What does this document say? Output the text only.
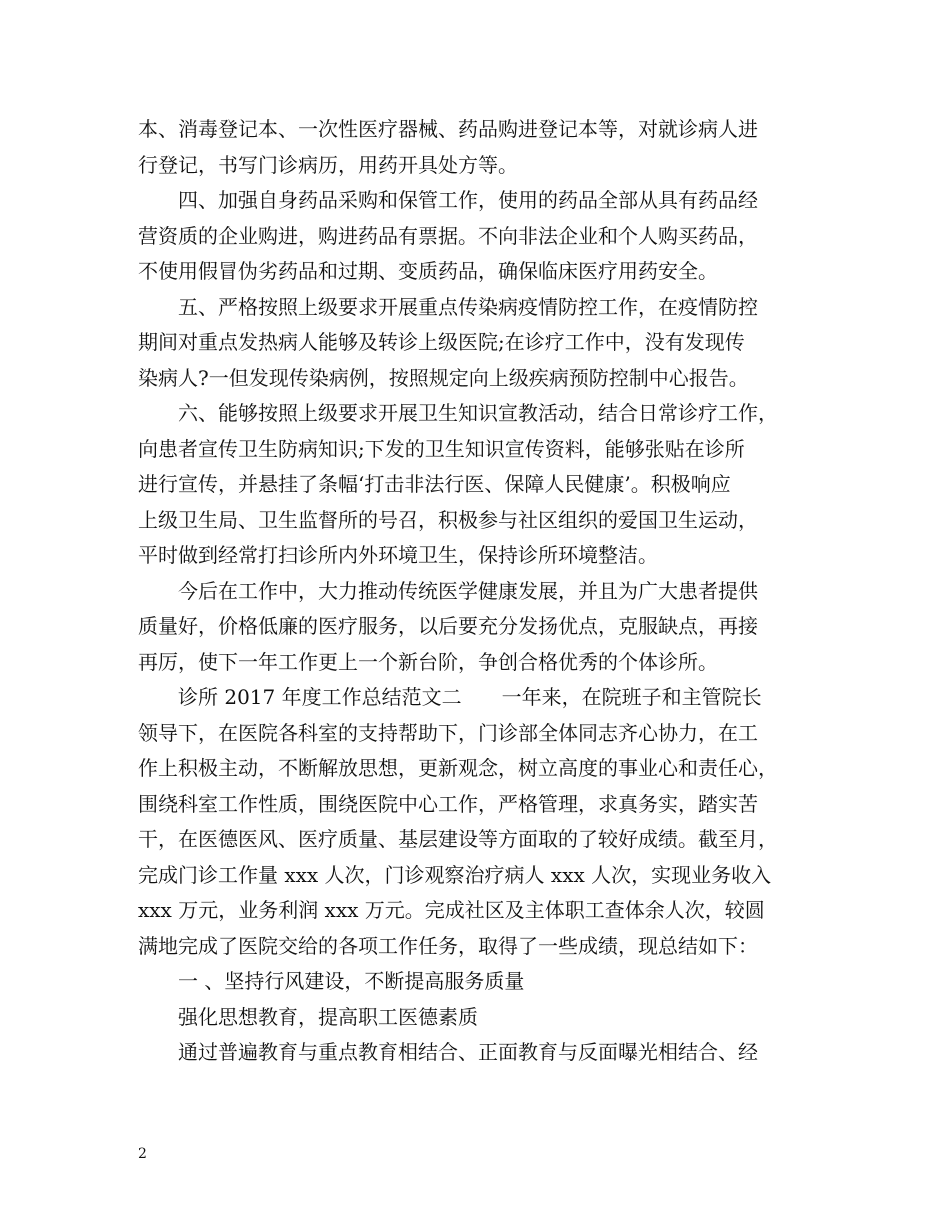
本、消毒登记本、一次性医疗器械、药品购进登记本等，对就诊病人进
行登记，书写门诊病历，用药开具处方等。
四、加强自身药品采购和保管工作，使用的药品全部从具有药品经
营资质的企业购进，购进药品有票据。不向非法企业和个人购买药品，
不使用假冒伪劣药品和过期、变质药品，确保临床医疗用药安全。
五、严格按照上级要求开展重点传染病疫情防控工作，在疫情防控
期间对重点发热病人能够及转诊上级医院;在诊疗工作中，没有发现传
染病人?一但发现传染病例，按照规定向上级疾病预防控制中心报告。
六、能够按照上级要求开展卫生知识宣教活动，结合日常诊疗工作，
向患者宣传卫生防病知识;下发的卫生知识宣传资料，能够张贴在诊所
进行宣传，并悬挂了条幅‘打击非法行医、保障人民健康’。积极响应
上级卫生局、卫生监督所的号召，积极参与社区组织的爱国卫生运动，
平时做到经常打扫诊所内外环境卫生，保持诊所环境整洁。
今后在工作中，大力推动传统医学健康发展，并且为广大患者提供
质量好，价格低廉的医疗服务，以后要充分发扬优点，克服缺点，再接
再厉，使下一年工作更上一个新台阶，争创合格优秀的个体诊所。
诊所 2017 年度工作总结范文二　　一年来，在院班子和主管院长
领导下，在医院各科室的支持帮助下，门诊部全体同志齐心协力，在工
作上积极主动，不断解放思想，更新观念，树立高度的事业心和责任心，
围绕科室工作性质，围绕医院中心工作，严格管理，求真务实，踏实苦
干，在医德医风、医疗质量、基层建设等方面取的了较好成绩。截至月，
完成门诊工作量 xxx 人次，门诊观察治疗病人 xxx 人次，实现业务收入
xxx 万元，业务利润 xxx 万元。完成社区及主体职工查体余人次，较圆
满地完成了医院交给的各项工作任务，取得了一些成绩，现总结如下：
一 、坚持行风建设，不断提高服务质量
强化思想教育，提高职工医德素质
通过普遍教育与重点教育相结合、正面教育与反面曝光相结合、经
2
